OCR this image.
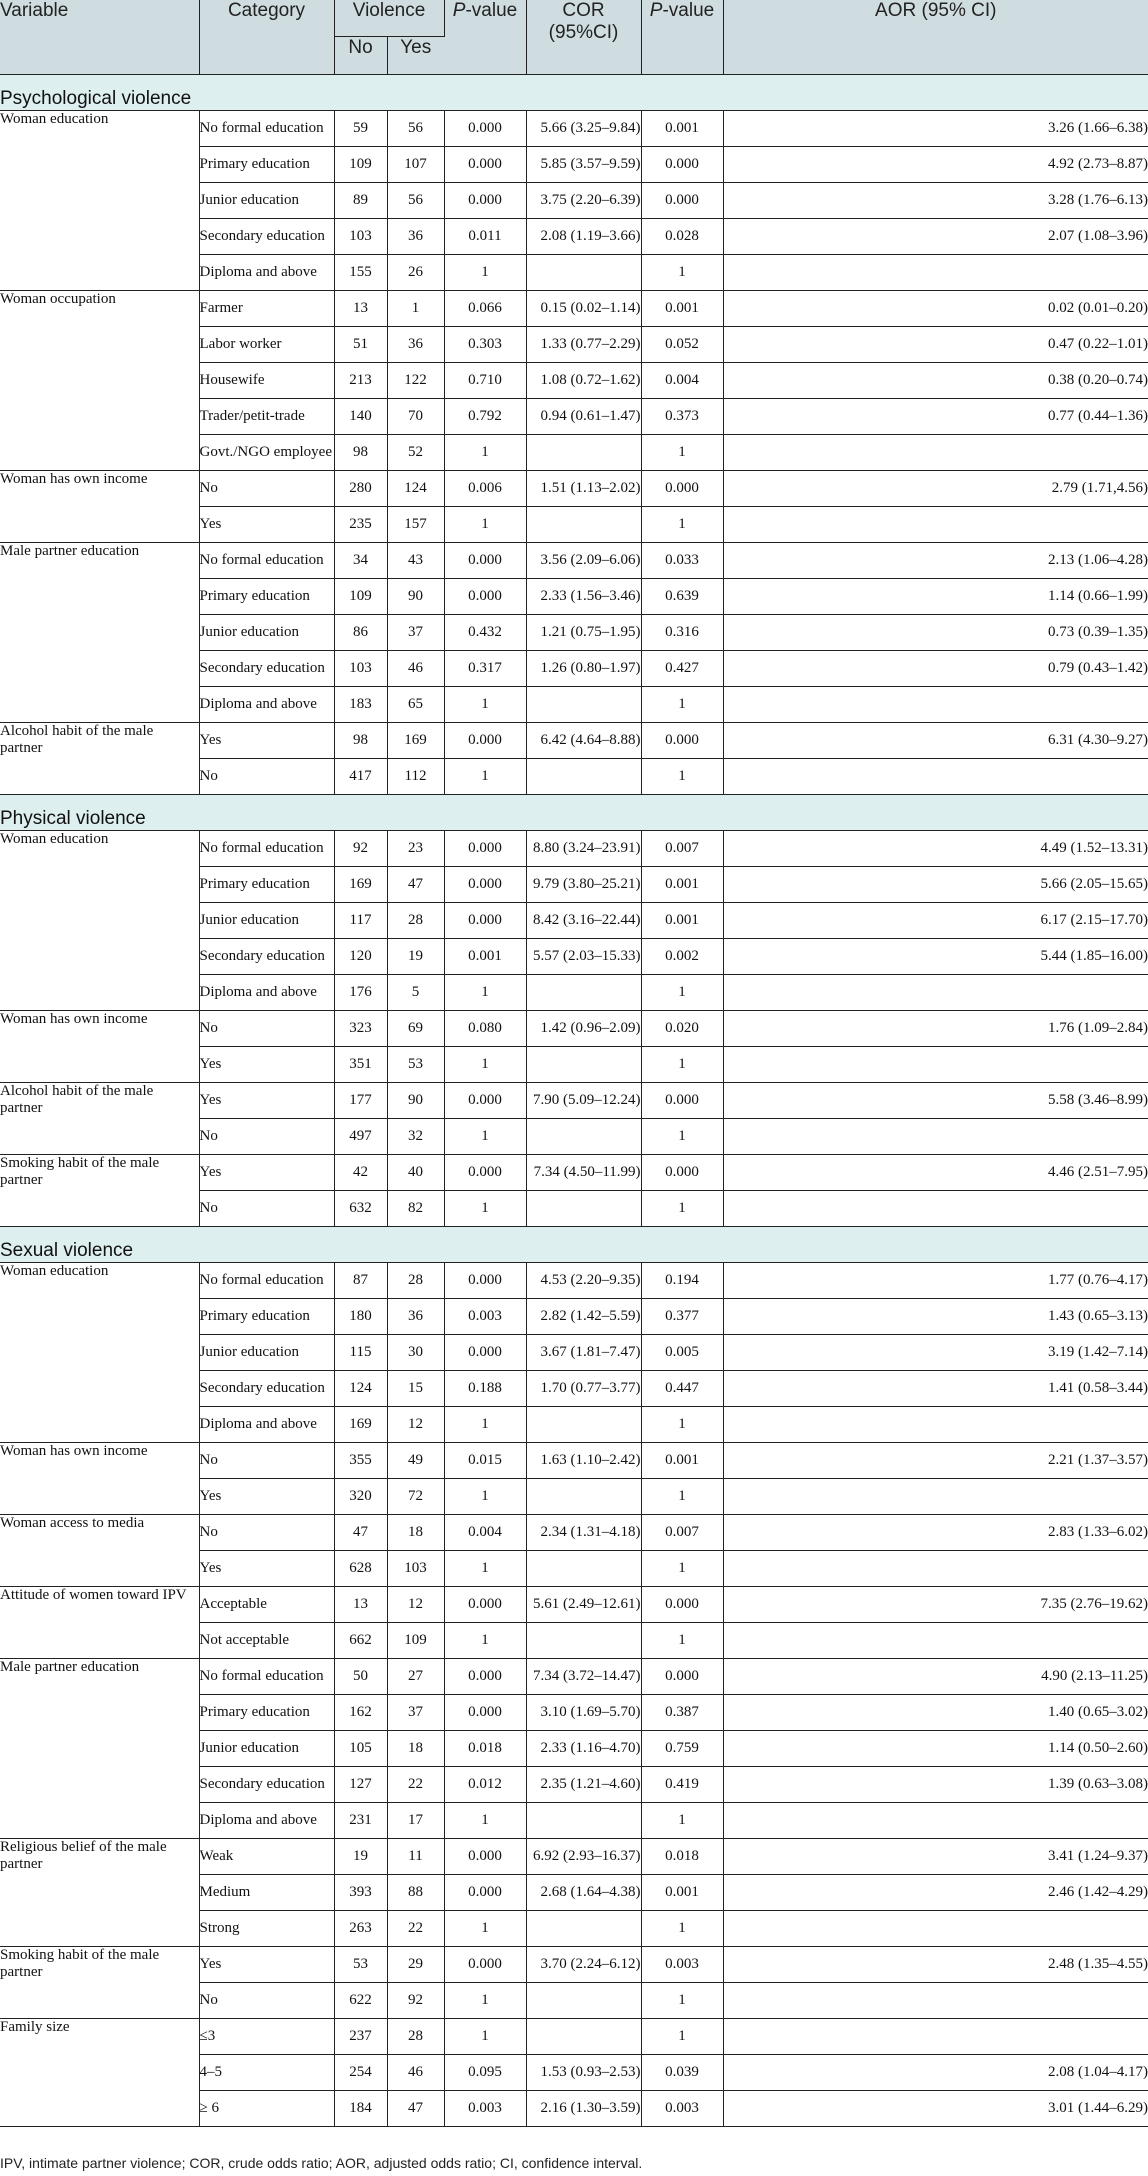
Variable	Category	Violence		P-value	COR (95%CI)	P-value	AOR (95% CI)
		No	Yes				
Psychological violence							
Woman education	No formal education	59	56	0.000	5.66 (3.25–9.84)	0.001	3.26 (1.66–6.38)
	Primary education	109	107	0.000	5.85 (3.57–9.59)	0.000	4.92 (2.73–8.87)
	Junior education	89	56	0.000	3.75 (2.20–6.39)	0.000	3.28 (1.76–6.13)
	Secondary education	103	36	0.011	2.08 (1.19–3.66)	0.028	2.07 (1.08–3.96)
	Diploma and above	155	26	1		1	
Woman occupation	Farmer	13	1	0.066	0.15 (0.02–1.14)	0.001	0.02 (0.01–0.20)
	Labor worker	51	36	0.303	1.33 (0.77–2.29)	0.052	0.47 (0.22–1.01)
	Housewife	213	122	0.710	1.08 (0.72–1.62)	0.004	0.38 (0.20–0.74)
	Trader/petit-trade	140	70	0.792	0.94 (0.61–1.47)	0.373	0.77 (0.44–1.36)
	Govt./NGO employee	98	52	1		1	
Woman has own income	No	280	124	0.006	1.51 (1.13–2.02)	0.000	2.79 (1.71,4.56)
	Yes	235	157	1		1	
Male partner education	No formal education	34	43	0.000	3.56 (2.09–6.06)	0.033	2.13 (1.06–4.28)
	Primary education	109	90	0.000	2.33 (1.56–3.46)	0.639	1.14 (0.66–1.99)
	Junior education	86	37	0.432	1.21 (0.75–1.95)	0.316	0.73 (0.39–1.35)
	Secondary education	103	46	0.317	1.26 (0.80–1.97)	0.427	0.79 (0.43–1.42)
	Diploma and above	183	65	1		1	
Alcohol habit of the male partner	Yes	98	169	0.000	6.42 (4.64–8.88)	0.000	6.31 (4.30–9.27)
	No	417	112	1		1	
Physical violence							
Woman education	No formal education	92	23	0.000	8.80 (3.24–23.91)	0.007	4.49 (1.52–13.31)
	Primary education	169	47	0.000	9.79 (3.80–25.21)	0.001	5.66 (2.05–15.65)
	Junior education	117	28	0.000	8.42 (3.16–22.44)	0.001	6.17 (2.15–17.70)
	Secondary education	120	19	0.001	5.57 (2.03–15.33)	0.002	5.44 (1.85–16.00)
	Diploma and above	176	5	1		1	
Woman has own income	No	323	69	0.080	1.42 (0.96–2.09)	0.020	1.76 (1.09–2.84)
	Yes	351	53	1		1	
Alcohol habit of the male partner	Yes	177	90	0.000	7.90 (5.09–12.24)	0.000	5.58 (3.46–8.99)
	No	497	32	1		1	
Smoking habit of the male partner	Yes	42	40	0.000	7.34 (4.50–11.99)	0.000	4.46 (2.51–7.95)
	No	632	82	1		1	
Sexual violence							
Woman education	No formal education	87	28	0.000	4.53 (2.20–9.35)	0.194	1.77 (0.76–4.17)
	Primary education	180	36	0.003	2.82 (1.42–5.59)	0.377	1.43 (0.65–3.13)
	Junior education	115	30	0.000	3.67 (1.81–7.47)	0.005	3.19 (1.42–7.14)
	Secondary education	124	15	0.188	1.70 (0.77–3.77)	0.447	1.41 (0.58–3.44)
	Diploma and above	169	12	1		1	
Woman has own income	No	355	49	0.015	1.63 (1.10–2.42)	0.001	2.21 (1.37–3.57)
	Yes	320	72	1		1	
Woman access to media	No	47	18	0.004	2.34 (1.31–4.18)	0.007	2.83 (1.33–6.02)
	Yes	628	103	1		1	
Attitude of women toward IPV	Acceptable	13	12	0.000	5.61 (2.49–12.61)	0.000	7.35 (2.76–19.62)
	Not acceptable	662	109	1		1	
Male partner education	No formal education	50	27	0.000	7.34 (3.72–14.47)	0.000	4.90 (2.13–11.25)
	Primary education	162	37	0.000	3.10 (1.69–5.70)	0.387	1.40 (0.65–3.02)
	Junior education	105	18	0.018	2.33 (1.16–4.70)	0.759	1.14 (0.50–2.60)
	Secondary education	127	22	0.012	2.35 (1.21–4.60)	0.419	1.39 (0.63–3.08)
	Diploma and above	231	17	1		1	
Religious belief of the male partner	Weak	19	11	0.000	6.92 (2.93–16.37)	0.018	3.41 (1.24–9.37)
	Medium	393	88	0.000	2.68 (1.64–4.38)	0.001	2.46 (1.42–4.29)
	Strong	263	22	1		1	
Smoking habit of the male partner	Yes	53	29	0.000	3.70 (2.24–6.12)	0.003	2.48 (1.35–4.55)
	No	622	92	1		1	
Family size	≤3	237	28	1		1	
	4–5	254	46	0.095	1.53 (0.93–2.53)	0.039	2.08 (1.04–4.17)
	≥ 6	184	47	0.003	2.16 (1.30–3.59)	0.003	3.01 (1.44–6.29)
IPV, intimate partner violence; COR, crude odds ratio; AOR, adjusted odds ratio; CI, confidence interval.
